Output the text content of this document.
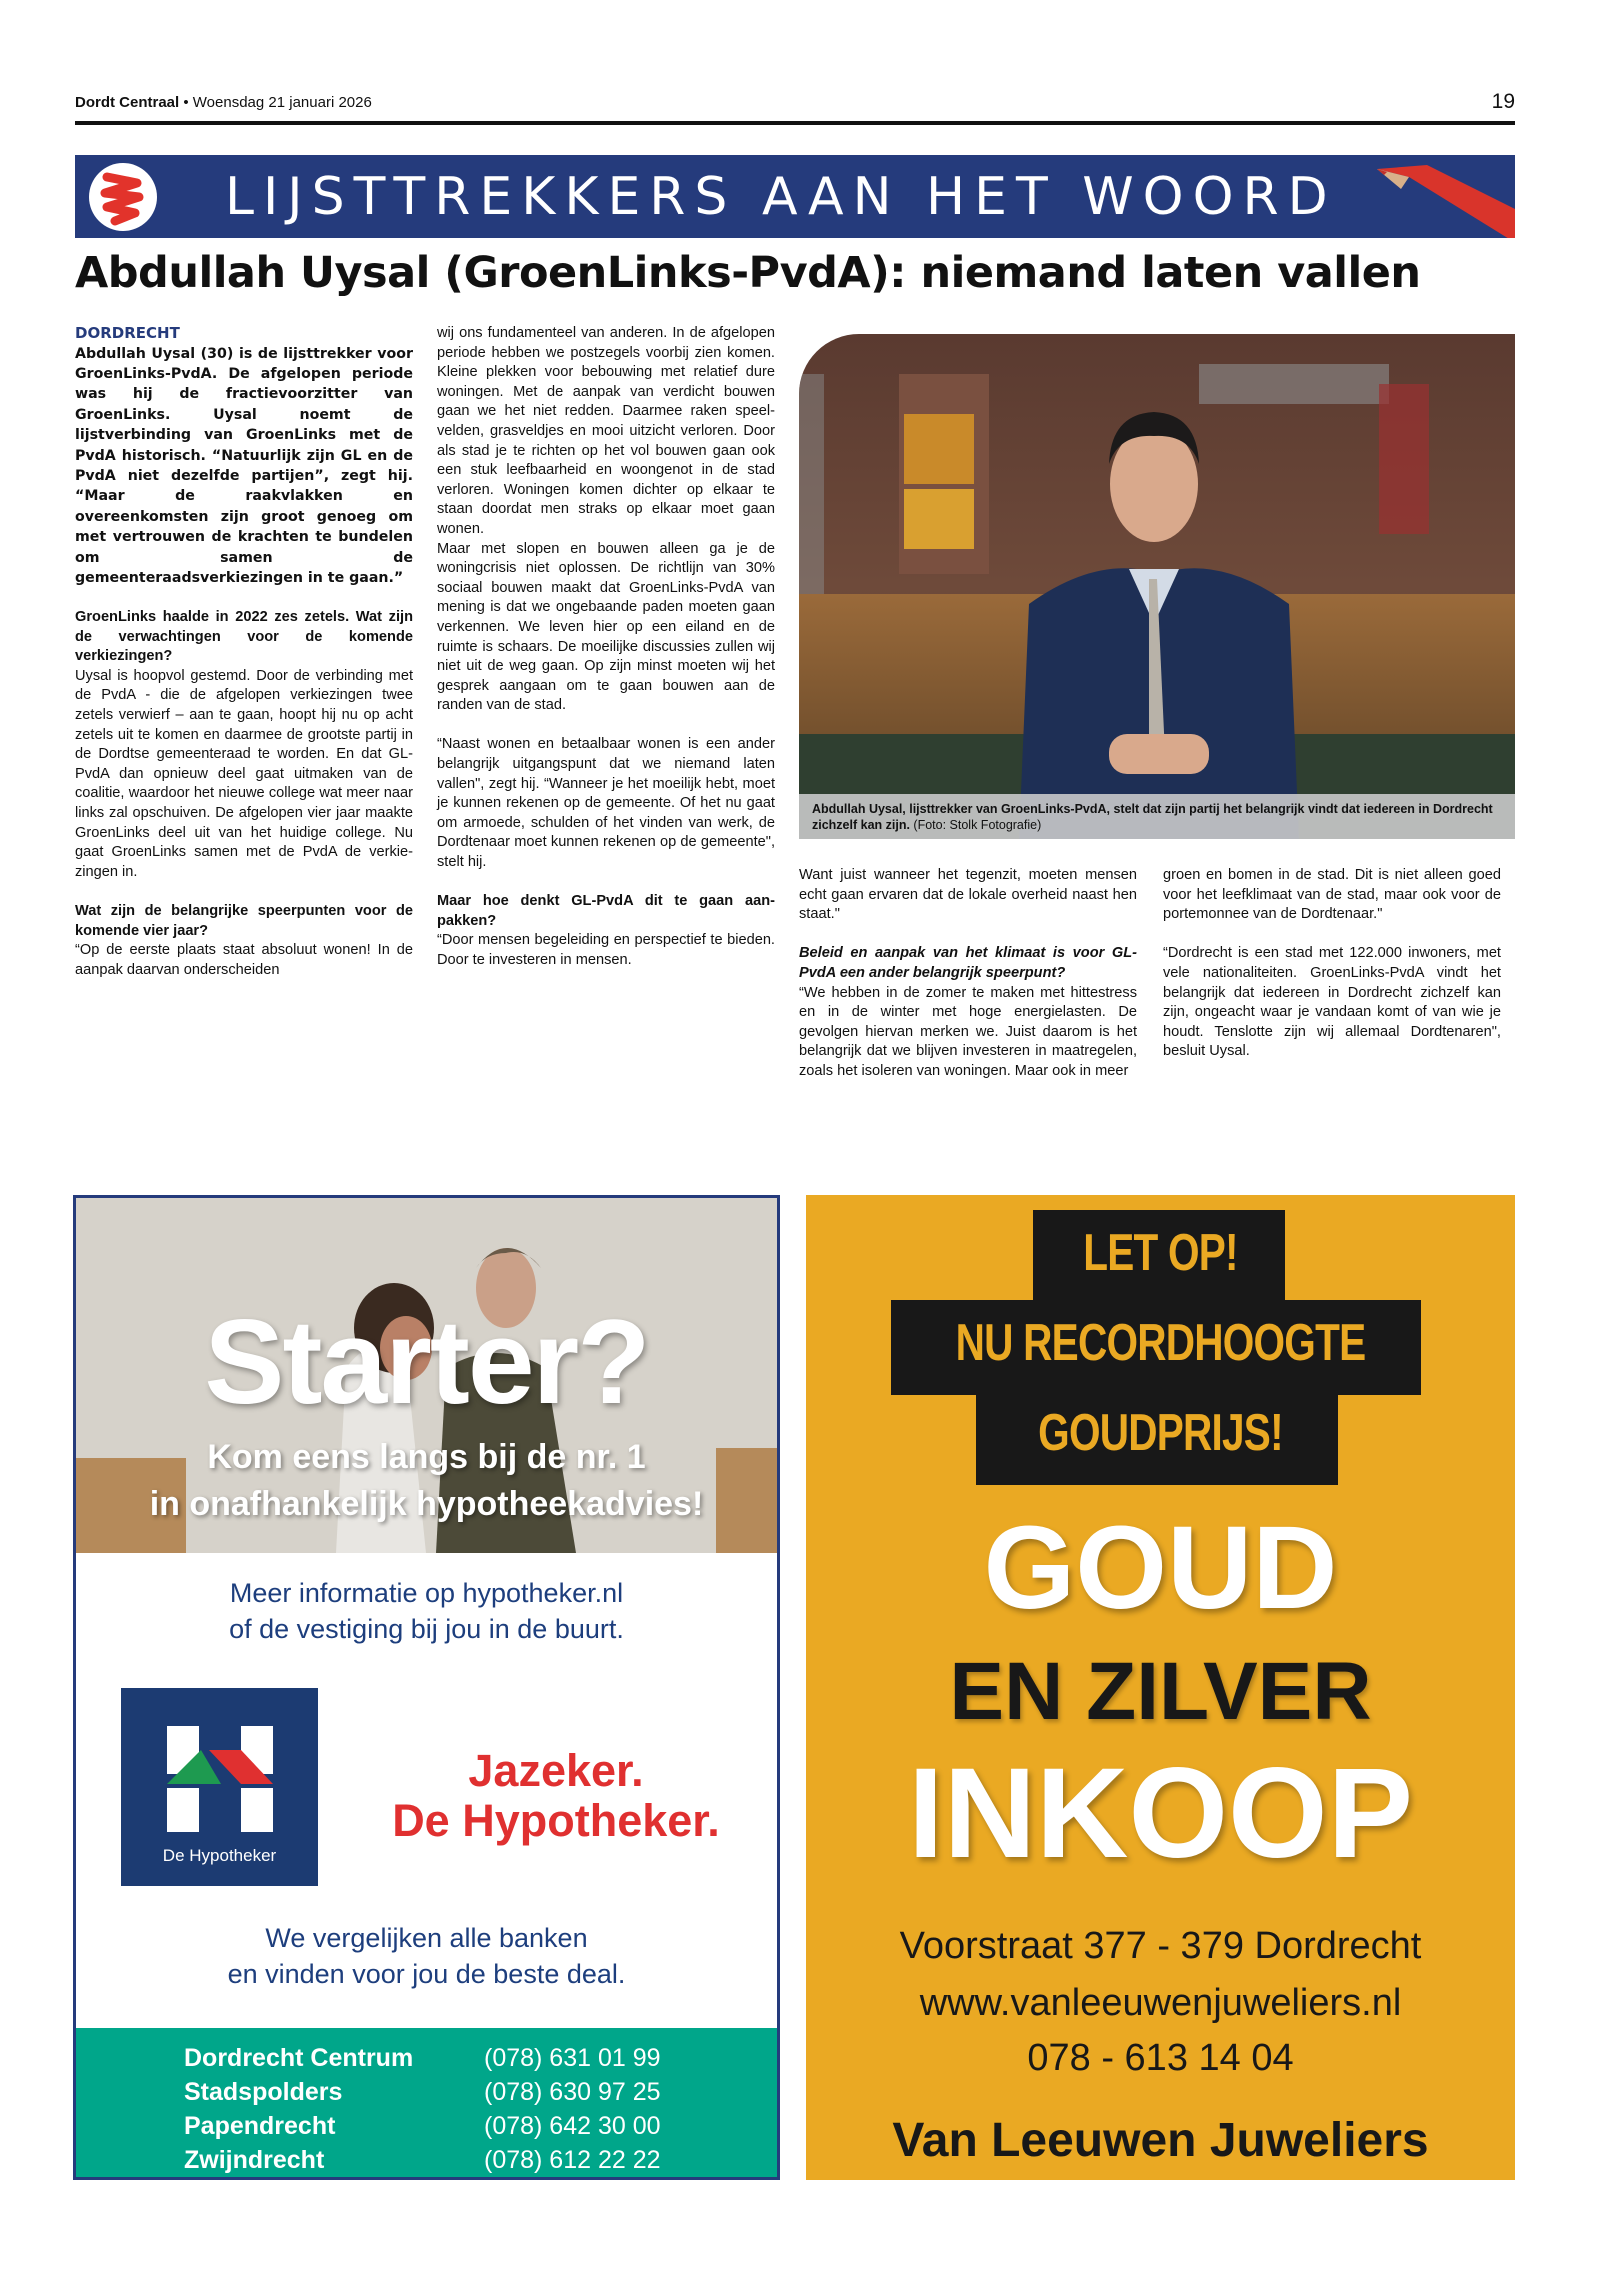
Dordt Centraal • Woensdag 21 januari 2026	19
LIJSTTREKKERS AAN HET WOORD
Abdullah Uysal (GroenLinks-PvdA): niemand laten vallen

DORDRECHT

Abdullah Uysal (30) is de lijsttrekker voor GroenLinks-PvdA. De afgelopen periode was hij de fractievoorzitter van GroenLinks. Uysal noemt de lijstverbinding van GroenLinks met de PvdA historisch. “Natuurlijk zijn GL en de PvdA niet dezelfde partijen”, zegt hij. “Maar de raakvlakken en overeenkomsten zijn groot genoeg om met vertrouwen de krachten te bundelen om samen de gemeenteraadsverkiezingen in te gaan.”

GroenLinks haalde in 2022 zes zetels. Wat zijn de verwachtingen voor de komende verkiezingen?

Uysal is hoopvol gestemd. Door de verbinding met de PvdA - die de afgelopen verkiezingen twee zetels verwierf – aan te gaan, hoopt hij nu op acht zetels uit te komen en daarmee de grootste partij in de Dordtse gemeenteraad te worden. En dat GL-PvdA dan opnieuw deel gaat uitmaken van de coalitie, waardoor het nieuwe college wat meer naar links zal opschuiven. De afgelopen vier jaar maakte GroenLinks deel uit van het huidige college. Nu gaat GroenLinks samen met de PvdA de verkiezingen in.

Wat zijn de belangrijke speerpunten voor de komende vier jaar?

“Op de eerste plaats staat absoluut wonen! In de aanpak daarvan onderscheiden

wij ons fundamenteel van anderen. In de afgelopen periode hebben we postzegels voorbij zien komen. Kleine plekken voor bebouwing met relatief dure woningen. Met de aanpak van verdicht bouwen gaan we het niet redden. Daarmee raken speelvelden, grasveldjes en mooi uitzicht verloren. Door als stad je te richten op het vol bouwen gaan ook een stuk leefbaarheid en woongenot in de stad verloren. Woningen komen dichter op elkaar te staan doordat men straks op elkaar moet gaan wonen.

Maar met slopen en bouwen alleen ga je de woningcrisis niet oplossen. De richtlijn van 30% sociaal bouwen maakt dat GroenLinks-PvdA van mening is dat we ongebaande paden moeten gaan verkennen. We leven hier op een eiland en de ruimte is schaars. De moeilijke discussies zullen wij niet uit de weg gaan. Op zijn minst moeten wij het gesprek aangaan om te gaan bouwen aan de randen van de stad.

“Naast wonen en betaalbaar wonen is een ander belangrijk uitgangspunt dat we niemand laten vallen", zegt hij. “Wanneer je het moeilijk hebt, moet je kunnen rekenen op de gemeente. Of het nu gaat om armoede, schulden of het vinden van werk, de Dordtenaar moet kunnen rekenen op de gemeente", stelt hij.

Maar hoe denkt GL-PvdA dit te gaan aanpakken?

“Door mensen begeleiding en perspectief te bieden. Door te investeren in mensen.

Abdullah Uysal, lijsttrekker van GroenLinks-PvdA, stelt dat zijn partij het belangrijk vindt dat iedereen in Dordrecht zichzelf kan zijn. (Foto: Stolk Fotografie)

Want juist wanneer het tegenzit, moeten mensen echt gaan ervaren dat de lokale overheid naast hen staat."

Beleid en aanpak van het klimaat is voor GL-PvdA een ander belangrijk speerpunt?

“We hebben in de zomer te maken met hittestress en in de winter met hoge energielasten. De gevolgen hiervan merken we. Juist daarom is het belangrijk dat we blijven investeren in maatregelen, zoals het isoleren van woningen. Maar ook in meer

groen en bomen in de stad. Dit is niet alleen goed voor het leefklimaat van de stad, maar ook voor de portemonnee van de Dordtenaar."

“Dordrecht is een stad met 122.000 inwoners, met vele nationaliteiten. GroenLinks-PvdA vindt het belangrijk dat iedereen in Dordrecht zichzelf kan zijn, ongeacht waar je vandaan komt of van wie je houdt. Tenslotte zijn wij allemaal Dordtenaren", besluit Uysal.

Starter?
Kom eens langs bij de nr. 1
in onafhankelijk hypotheekadvies!
Meer informatie op hypotheker.nl
of de vestiging bij jou in de buurt.
De Hypotheker
Jazeker.
De Hypotheker.
We vergelijken alle banken
en vinden voor jou de beste deal.
Dordrecht Centrum	(078) 631 01 99
Stadspolders	(078) 630 97 25
Papendrecht	(078) 642 30 00
Zwijndrecht	(078) 612 22 22
LET OP!
NU RECORDHOOGTE
GOUDPRIJS!
GOUD
EN ZILVER
INKOOP
Voorstraat 377 - 379 Dordrecht
www.vanleeuwenjuweliers.nl
078 - 613 14 04
Van Leeuwen Juweliers
